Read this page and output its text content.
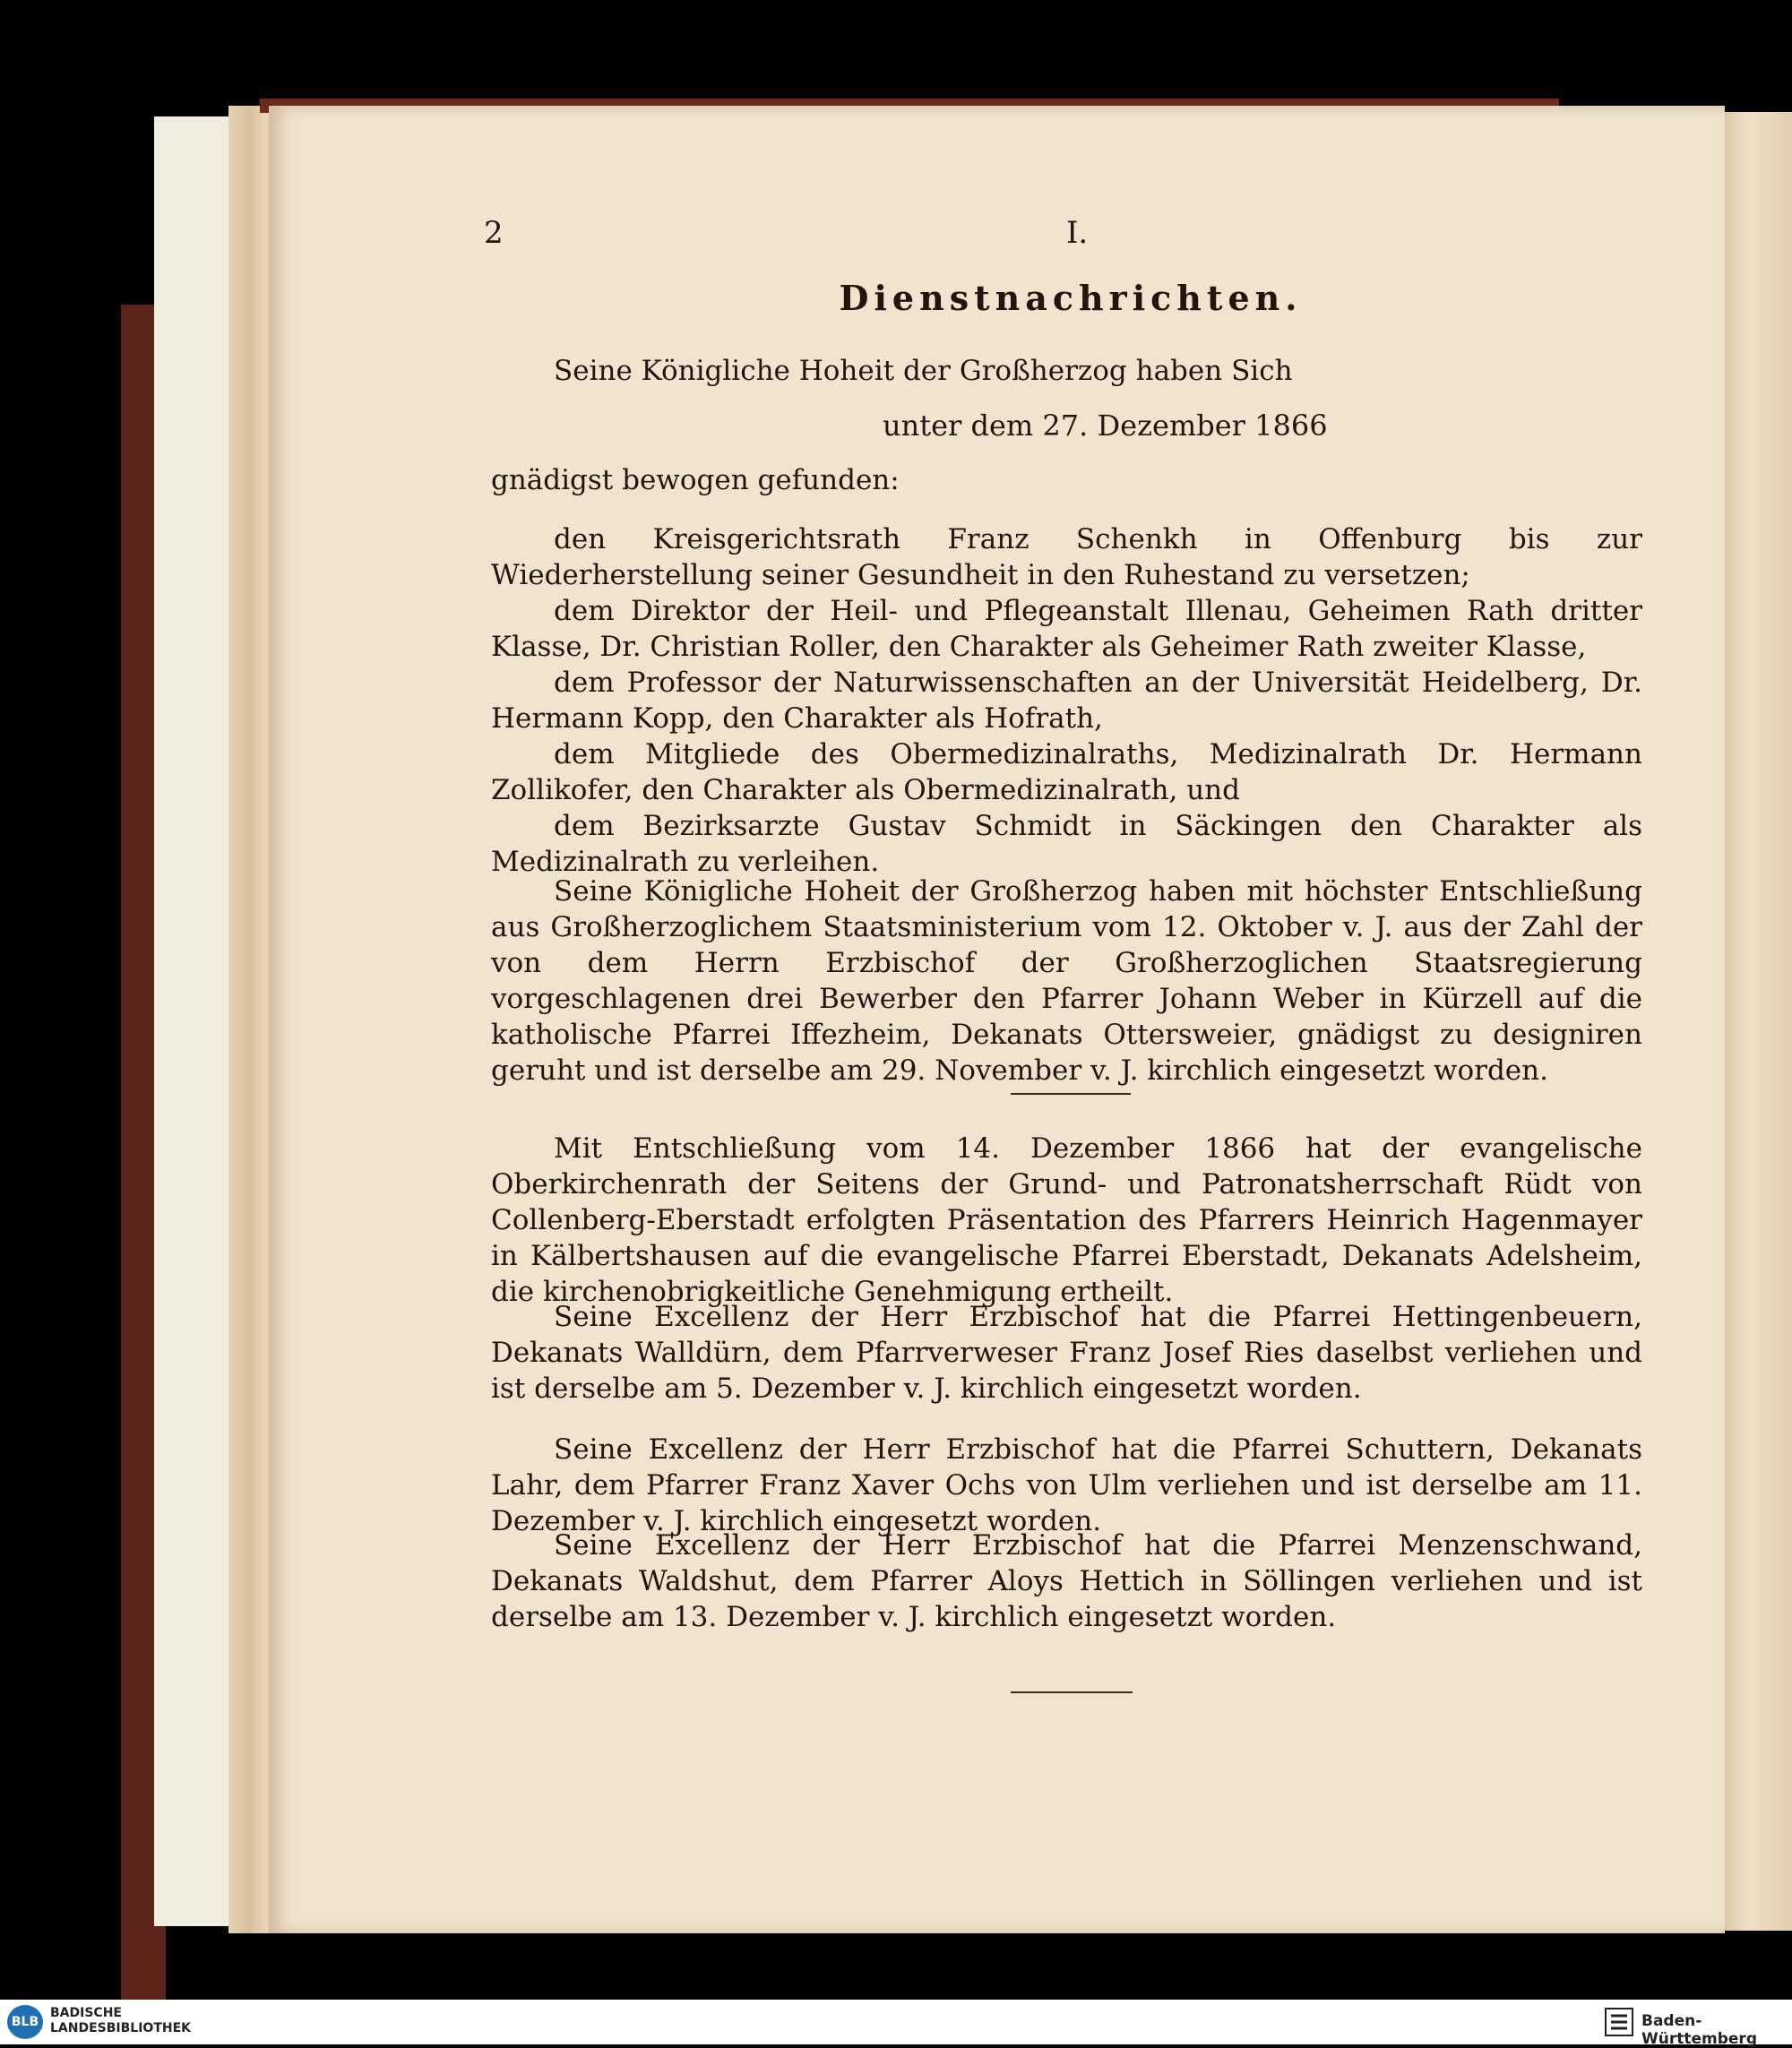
2	I.
Dienstnachrichten.

Seine Königliche Hoheit der Großherzog haben Sich

unter dem 27. Dezember 1866

gnädigst bewogen gefunden:

den Kreisgerichtsrath Franz Schenkh in Offenburg bis zur Wiederherstellung seiner Gesundheit in den Ruhestand zu versetzen;

dem Direktor der Heil- und Pflegeanstalt Illenau, Geheimen Rath dritter Klasse, Dr. Christian Roller, den Charakter als Geheimer Rath zweiter Klasse,

dem Professor der Naturwissenschaften an der Universität Heidelberg, Dr. Hermann Kopp, den Charakter als Hofrath,

dem Mitgliede des Obermedizinalraths, Medizinalrath Dr. Hermann Zollikofer, den Charakter als Obermedizinalrath, und

dem Bezirksarzte Gustav Schmidt in Säckingen den Charakter als Medizinalrath zu verleihen.

Seine Königliche Hoheit der Großherzog haben mit höchster Entschließung aus Großherzoglichem Staatsministerium vom 12. Oktober v. J. aus der Zahl der von dem Herrn Erzbischof der Großherzoglichen Staatsregierung vorgeschlagenen drei Bewerber den Pfarrer Johann Weber in Kürzell auf die katholische Pfarrei Iffezheim, Dekanats Ottersweier, gnädigst zu designiren geruht und ist derselbe am 29. November v. J. kirchlich eingesetzt worden.

Mit Entschließung vom 14. Dezember 1866 hat der evangelische Oberkirchenrath der Seitens der Grund- und Patronatsherrschaft Rüdt von Collenberg-Eberstadt erfolgten Präsentation des Pfarrers Heinrich Hagenmayer in Kälbertshausen auf die evangelische Pfarrei Eberstadt, Dekanats Adelsheim, die kirchenobrigkeitliche Genehmigung ertheilt.

Seine Excellenz der Herr Erzbischof hat die Pfarrei Hettingenbeuern, Dekanats Walldürn, dem Pfarrverweser Franz Josef Ries daselbst verliehen und ist derselbe am 5. Dezember v. J. kirchlich eingesetzt worden.

Seine Excellenz der Herr Erzbischof hat die Pfarrei Schuttern, Dekanats Lahr, dem Pfarrer Franz Xaver Ochs von Ulm verliehen und ist derselbe am 11. Dezember v. J. kirchlich eingesetzt worden.

Seine Excellenz der Herr Erzbischof hat die Pfarrei Menzenschwand, Dekanats Waldshut, dem Pfarrer Aloys Hettich in Söllingen verliehen und ist derselbe am 13. Dezember v. J. kirchlich eingesetzt worden.

BLB
BADISCHE
LANDESBIBLIOTHEK	Baden-Württemberg
